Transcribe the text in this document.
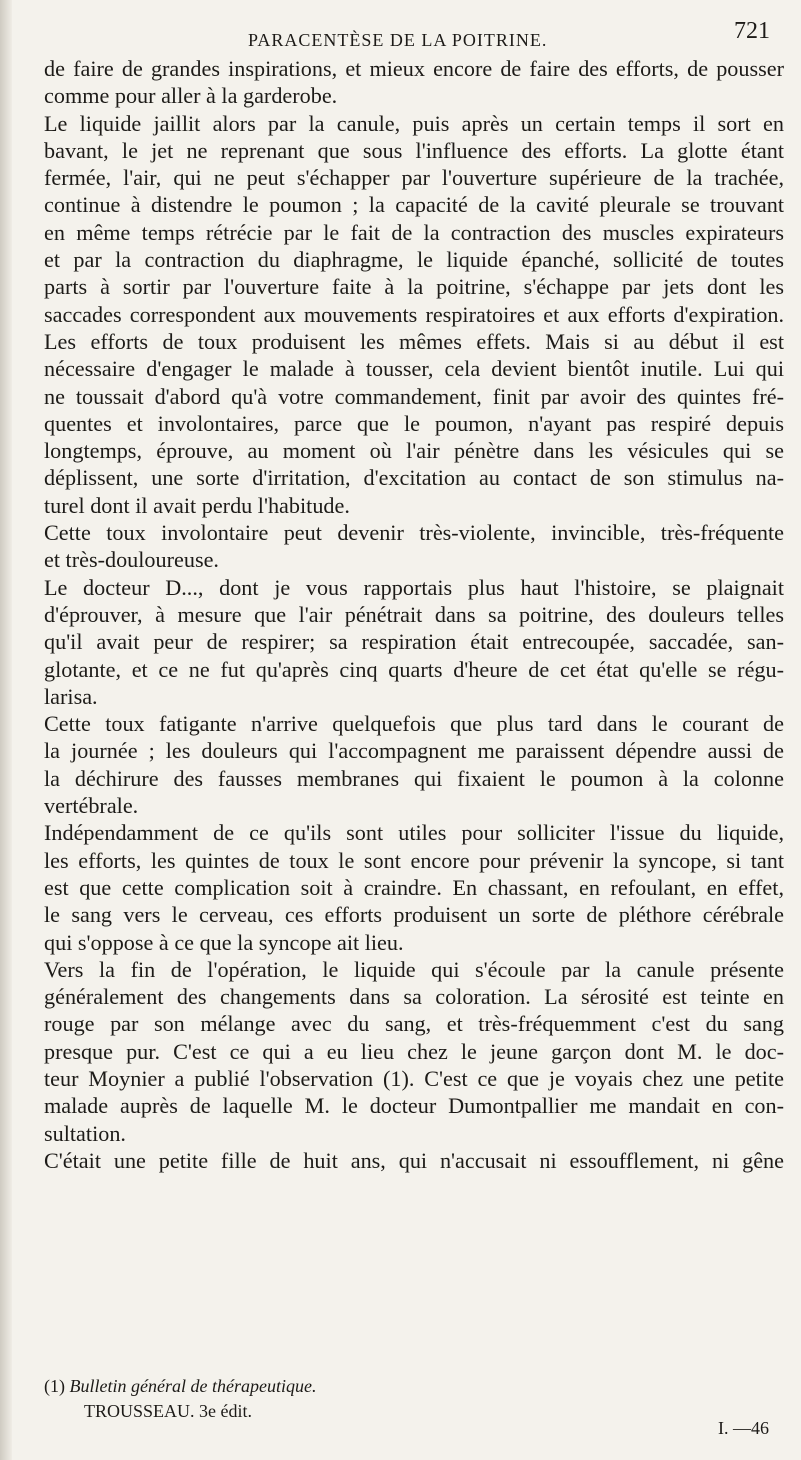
PARACENTÈSE DE LA POITRINE.	721
de faire de grandes inspirations, et mieux encore de faire des efforts, de pousser
comme pour aller à la garderobe.
Le liquide jaillit alors par la canule, puis après un certain temps il sort en
bavant, le jet ne reprenant que sous l'influence des efforts. La glotte étant
fermée, l'air, qui ne peut s'échapper par l'ouverture supérieure de la trachée,
continue à distendre le poumon ; la capacité de la cavité pleurale se trouvant
en même temps rétrécie par le fait de la contraction des muscles expirateurs
et par la contraction du diaphragme, le liquide épanché, sollicité de toutes
parts à sortir par l'ouverture faite à la poitrine, s'échappe par jets dont les
saccades correspondent aux mouvements respiratoires et aux efforts d'expiration.
Les efforts de toux produisent les mêmes effets. Mais si au début il est
nécessaire d'engager le malade à tousser, cela devient bientôt inutile. Lui qui
ne toussait d'abord qu'à votre commandement, finit par avoir des quintes fré-
quentes et involontaires, parce que le poumon, n'ayant pas respiré depuis
longtemps, éprouve, au moment où l'air pénètre dans les vésicules qui se
déplissent, une sorte d'irritation, d'excitation au contact de son stimulus na-
turel dont il avait perdu l'habitude.
Cette toux involontaire peut devenir très-violente, invincible, très-fréquente
et très-douloureuse.
Le docteur D..., dont je vous rapportais plus haut l'histoire, se plaignait
d'éprouver, à mesure que l'air pénétrait dans sa poitrine, des douleurs telles
qu'il avait peur de respirer; sa respiration était entrecoupée, saccadée, san-
glotante, et ce ne fut qu'après cinq quarts d'heure de cet état qu'elle se régu-
larisa.
Cette toux fatigante n'arrive quelquefois que plus tard dans le courant de
la journée ; les douleurs qui l'accompagnent me paraissent dépendre aussi de
la déchirure des fausses membranes qui fixaient le poumon à la colonne
vertébrale.
Indépendamment de ce qu'ils sont utiles pour solliciter l'issue du liquide,
les efforts, les quintes de toux le sont encore pour prévenir la syncope, si tant
est que cette complication soit à craindre. En chassant, en refoulant, en effet,
le sang vers le cerveau, ces efforts produisent un sorte de pléthore cérébrale
qui s'oppose à ce que la syncope ait lieu.
Vers la fin de l'opération, le liquide qui s'écoule par la canule présente
généralement des changements dans sa coloration. La sérosité est teinte en
rouge par son mélange avec du sang, et très-fréquemment c'est du sang
presque pur. C'est ce qui a eu lieu chez le jeune garçon dont M. le doc-
teur Moynier a publié l'observation (1). C'est ce que je voyais chez une petite
malade auprès de laquelle M. le docteur Dumontpallier me mandait en con-
sultation.
C'était une petite fille de huit ans, qui n'accusait ni essoufflement, ni gêne
(1) Bulletin général de thérapeutique.
TROUSSEAU. 3e édit.
I. —46
